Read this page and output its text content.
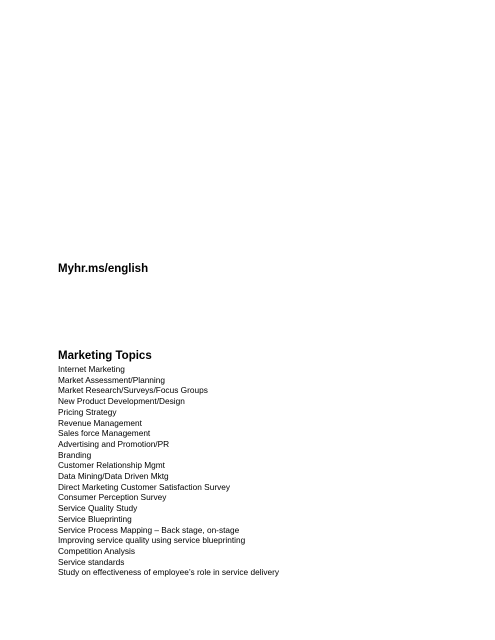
Myhr.ms/english

Marketing Topics
Internet Marketing
Market Assessment/Planning
Market Research/Surveys/Focus Groups
New Product Development/Design
Pricing Strategy
Revenue Management
Sales force Management
Advertising and Promotion/PR
Branding
Customer Relationship Mgmt
Data Mining/Data Driven Mktg
Direct Marketing Customer Satisfaction Survey
Consumer Perception Survey
Service Quality Study
Service Blueprinting
Service Process Mapping – Back stage, on-stage
Improving service quality using service blueprinting
Competition Analysis
Service standards
Study on effectiveness of employee’s role in service delivery
